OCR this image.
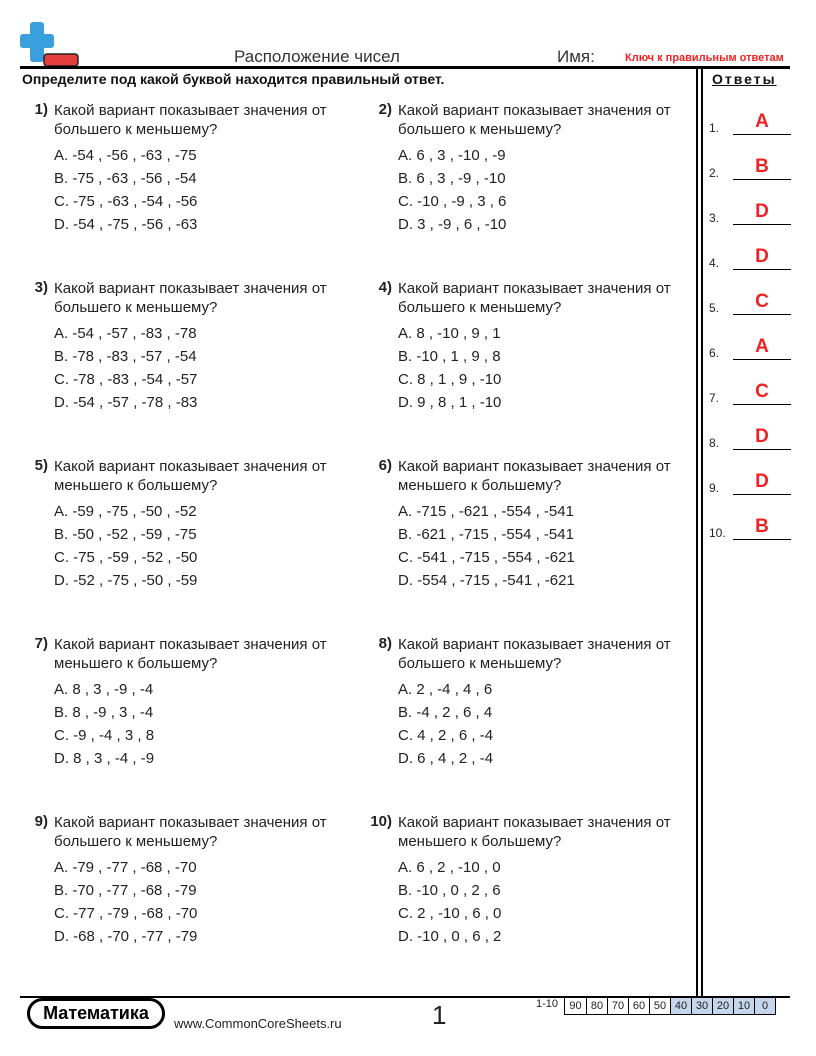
Расположение чисел	Имя:	Ключ к правильным ответам
Определите под какой буквой находится правильный ответ.	Ответы
1) Какой вариант показывает значения от большего к меньшему?
A. -54 , -56 , -63 , -75
B. -75 , -63 , -56 , -54
C. -75 , -63 , -54 , -56
D. -54 , -75 , -56 , -63
2) Какой вариант показывает значения от большего к меньшему?
A. 6 , 3 , -10 , -9
B. 6 , 3 , -9 , -10
C. -10 , -9 , 3 , 6
D. 3 , -9 , 6 , -10
3) Какой вариант показывает значения от большего к меньшему?
A. -54 , -57 , -83 , -78
B. -78 , -83 , -57 , -54
C. -78 , -83 , -54 , -57
D. -54 , -57 , -78 , -83
4) Какой вариант показывает значения от большего к меньшему?
A. 8 , -10 , 9 , 1
B. -10 , 1 , 9 , 8
C. 8 , 1 , 9 , -10
D. 9 , 8 , 1 , -10
5) Какой вариант показывает значения от меньшего к большему?
A. -59 , -75 , -50 , -52
B. -50 , -52 , -59 , -75
C. -75 , -59 , -52 , -50
D. -52 , -75 , -50 , -59
6) Какой вариант показывает значения от меньшего к большему?
A. -715 , -621 , -554 , -541
B. -621 , -715 , -554 , -541
C. -541 , -715 , -554 , -621
D. -554 , -715 , -541 , -621
7) Какой вариант показывает значения от меньшего к большему?
A. 8 , 3 , -9 , -4
B. 8 , -9 , 3 , -4
C. -9 , -4 , 3 , 8
D. 8 , 3 , -4 , -9
8) Какой вариант показывает значения от большего к меньшему?
A. 2 , -4 , 4 , 6
B. -4 , 2 , 6 , 4
C. 4 , 2 , 6 , -4
D. 6 , 4 , 2 , -4
9) Какой вариант показывает значения от большего к меньшему?
A. -79 , -77 , -68 , -70
B. -70 , -77 , -68 , -79
C. -77 , -79 , -68 , -70
D. -68 , -70 , -77 , -79
10) Какой вариант показывает значения от меньшего к большему?
A. 6 , 2 , -10 , 0
B. -10 , 0 , 2 , 6
C. 2 , -10 , 6 , 0
D. -10 , 0 , 6 , 2
1.	A
2.	B
3.	D
4.	D
5.	C
6.	A
7.	C
8.	D
9.	D
10.	B
Математика
www.CommonCoreSheets.ru	1	1-10	90 80 70 60 50 40 30 20 10	0
